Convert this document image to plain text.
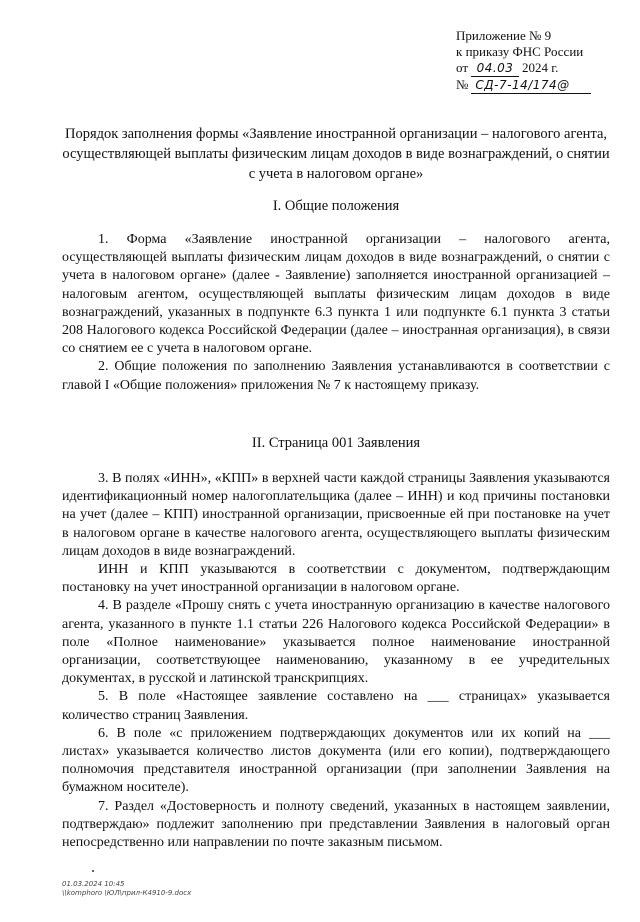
Приложение № 9
к приказу ФНС России
от 04.03 2024 г.
№ СД-7-14/174@
Порядок заполнения формы «Заявление иностранной организации – налогового агента, осуществляющей выплаты физическим лицам доходов в виде вознаграждений, о снятии с учета в налоговом органе»
I. Общие положения

1. Форма «Заявление иностранной организации – налогового агента, осуществляющей выплаты физическим лицам доходов в виде вознаграждений, о снятии с учета в налоговом органе» (далее - Заявление) заполняется иностранной организацией – налоговым агентом, осуществляющей выплаты физическим лицам доходов в виде вознаграждений, указанных в подпункте 6.3 пункта 1 или подпункте 6.1 пункта 3 статьи 208 Налогового кодекса Российской Федерации (далее – иностранная организация), в связи со снятием ее с учета в налоговом органе.

2. Общие положения по заполнению Заявления устанавливаются в соответствии с главой I «Общие положения» приложения № 7 к настоящему приказу.

II. Страница 001 Заявления

3. В полях «ИНН», «КПП» в верхней части каждой страницы Заявления указываются идентификационный номер налогоплательщика (далее – ИНН) и код причины постановки на учет (далее – КПП) иностранной организации, присвоенные ей при постановке на учет в налоговом органе в качестве налогового агента, осуществляющего выплаты физическим лицам доходов в виде вознаграждений.

ИНН и КПП указываются в соответствии с документом, подтверждающим постановку на учет иностранной организации в налоговом органе.

4. В разделе «Прошу снять с учета иностранную организацию в качестве налогового агента, указанного в пункте 1.1 статьи 226 Налогового кодекса Российской Федерации» в поле «Полное наименование» указывается полное наименование иностранной организации, соответствующее наименованию, указанному в ее учредительных документах, в русской и латинской транскрипциях.

5. В поле «Настоящее заявление составлено на ___ страницах» указывается количество страниц Заявления.

6. В поле «с приложением подтверждающих документов или их копий на ___ листах» указывается количество листов документа (или его копии), подтверждающего полномочия представителя иностранной организации (при заполнении Заявления на бумажном носителе).

7. Раздел «Достоверность и полноту сведений, указанных в настоящем заявлении, подтверждаю» подлежит заполнению при представлении Заявления в налоговый орган непосредственно или направлении по почте заказным письмом.

01.03.2024 10:45
\\komphoro \ЮЛ\прил-К4910-9.docx
